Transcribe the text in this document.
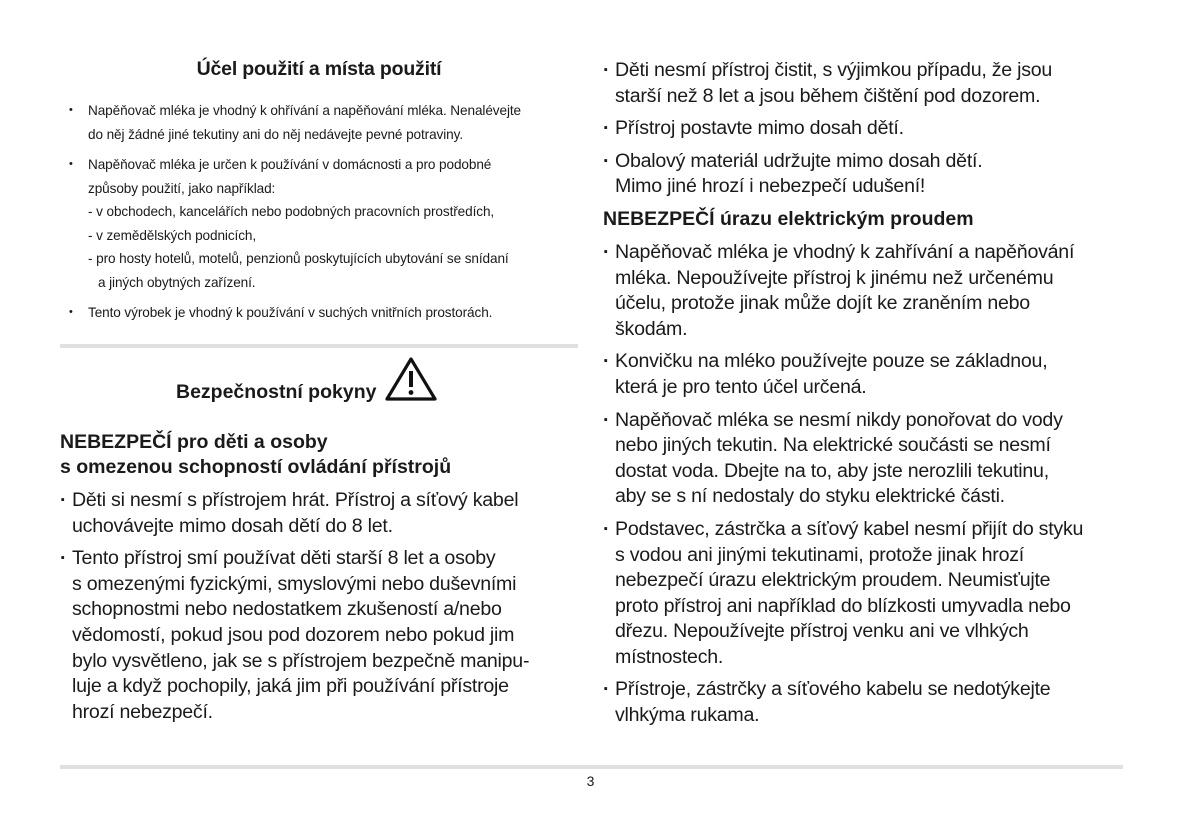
Účel použití a místa použití
• Napěňovač mléka je vhodný k ohřívání a napěňování mléka. Nenalévejte
do něj žádné jiné tekutiny ani do něj nedávejte pevné potraviny.
• Napěňovač mléka je určen k používání v domácnosti a pro podobné
způsoby použití, jako například:
- v obchodech, kancelářích nebo podobných pracovních prostředích,
- v zemědělských podnicích,
- pro hosty hotelů, motelů, penzionů poskytujících ubytování se snídaní
a jiných obytných zařízení.
• Tento výrobek je vhodný k používání v suchých vnitřních prostorách.
Bezpečnostní pokyny
NEBEZPEČÍ pro děti a osoby
s omezenou schopností ovládání přístrojů
· Děti si nesmí s přístrojem hrát. Přístroj a síťový kabel
uchovávejte mimo dosah dětí do 8 let.
· Tento přístroj smí používat děti starší 8 let a osoby
s omezenými fyzickými, smyslovými nebo duševními
schopnostmi nebo nedostatkem zkušeností a/nebo
vědomostí, pokud jsou pod dozorem nebo pokud jim
bylo vysvětleno, jak se s přístrojem bezpečně manipu-
luje a když pochopily, jaká jim při používání přístroje
hrozí nebezpečí.
· Děti nesmí přístroj čistit, s výjimkou případu, že jsou
starší než 8 let a jsou během čištění pod dozorem.
· Přístroj postavte mimo dosah dětí.
· Obalový materiál udržujte mimo dosah dětí.
Mimo jiné hrozí i nebezpečí udušení!
NEBEZPEČÍ úrazu elektrickým proudem
· Napěňovač mléka je vhodný k zahřívání a napěňování
mléka. Nepoužívejte přístroj k jinému než určenému
účelu, protože jinak může dojít ke zraněním nebo
škodám.
· Konvičku na mléko používejte pouze se základnou,
která je pro tento účel určená.
· Napěňovač mléka se nesmí nikdy ponořovat do vody
nebo jiných tekutin. Na elektrické součásti se nesmí
dostat voda. Dbejte na to, aby jste nerozlili tekutinu,
aby se s ní nedostaly do styku elektrické části.
· Podstavec, zástrčka a síťový kabel nesmí přijít do styku
s vodou ani jinými tekutinami, protože jinak hrozí
nebezpečí úrazu elektrickým proudem. Neumisťujte
proto přístroj ani například do blízkosti umyvadla nebo
dřezu. Nepoužívejte přístroj venku ani ve vlhkých
místnostech.
· Přístroje, zástrčky a síťového kabelu se nedotýkejte
vlhkýma rukama.
3
